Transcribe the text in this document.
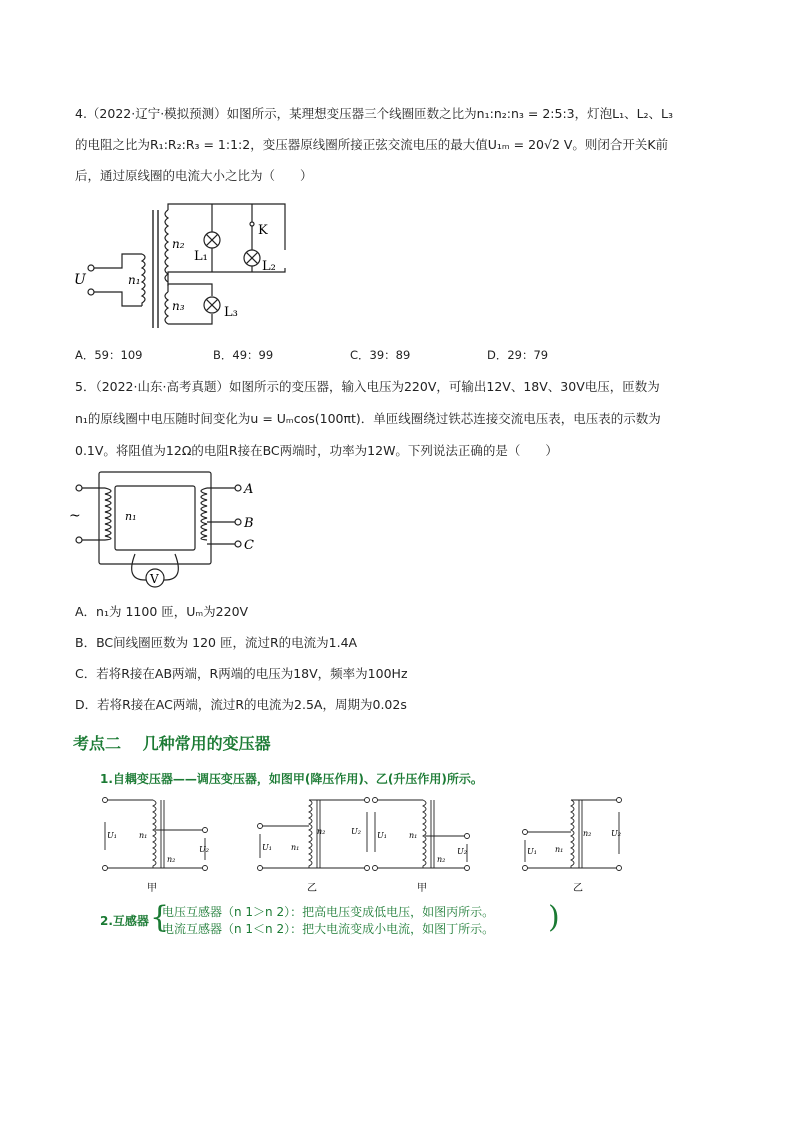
4.（2022·辽宁·模拟预测）如图所示，某理想变压器三个线圈匝数之比为n₁:n₂:n₃ = 2:5:3，灯泡L₁、L₂、L₃
的电阻之比为R₁:R₂:R₃ = 1:1:2，变压器原线圈所接正弦交流电压的最大值U₁ₘ = 20√2 V。则闭合开关K前
后，通过原线圈的电流大小之比为（　　）
U	n₁
n₂
n₃
K
L₁
L₂
L₃
A．59：109	B．49：99	C．39：89	D．29：79
5．（2022·山东·高考真题）如图所示的变压器，输入电压为220V，可输出12V、18V、30V电压，匝数为
n₁的原线圈中电压随时间变化为u = Uₘcos(100πt)．单匝线圈绕过铁芯连接交流电压表，电压表的示数为
0.1V。将阻值为12Ω的电阻R接在BC两端时，功率为12W。下列说法正确的是（　　）
V
~	n₁
A
B
C
A．n₁为 1100 匝，Uₘ为220V
B．BC间线圈匝数为 120 匝，流过R的电流为1.4A
C．若将R接在AB两端，R两端的电压为18V，频率为100Hz
D．若将R接在AC两端，流过R的电流为2.5A，周期为0.02s
考点二　 几种常用的变压器
1.自耦变压器——调压变压器，如图甲(降压作用)、乙(升压作用)所示。
U₁	n₁
n₂
U₂	U₁ n₁
n₂	U₂ U₁	n₁
n₂
U₂	U₁ n₁
n₂ U₂
甲	乙	甲	乙
2.互感器 {
电压互感器（n 1＞n 2）：把高电压变成低电压，如图丙所示。
电流互感器（n 1＜n 2）：把大电流变成小电流，如图丁所示。 )
